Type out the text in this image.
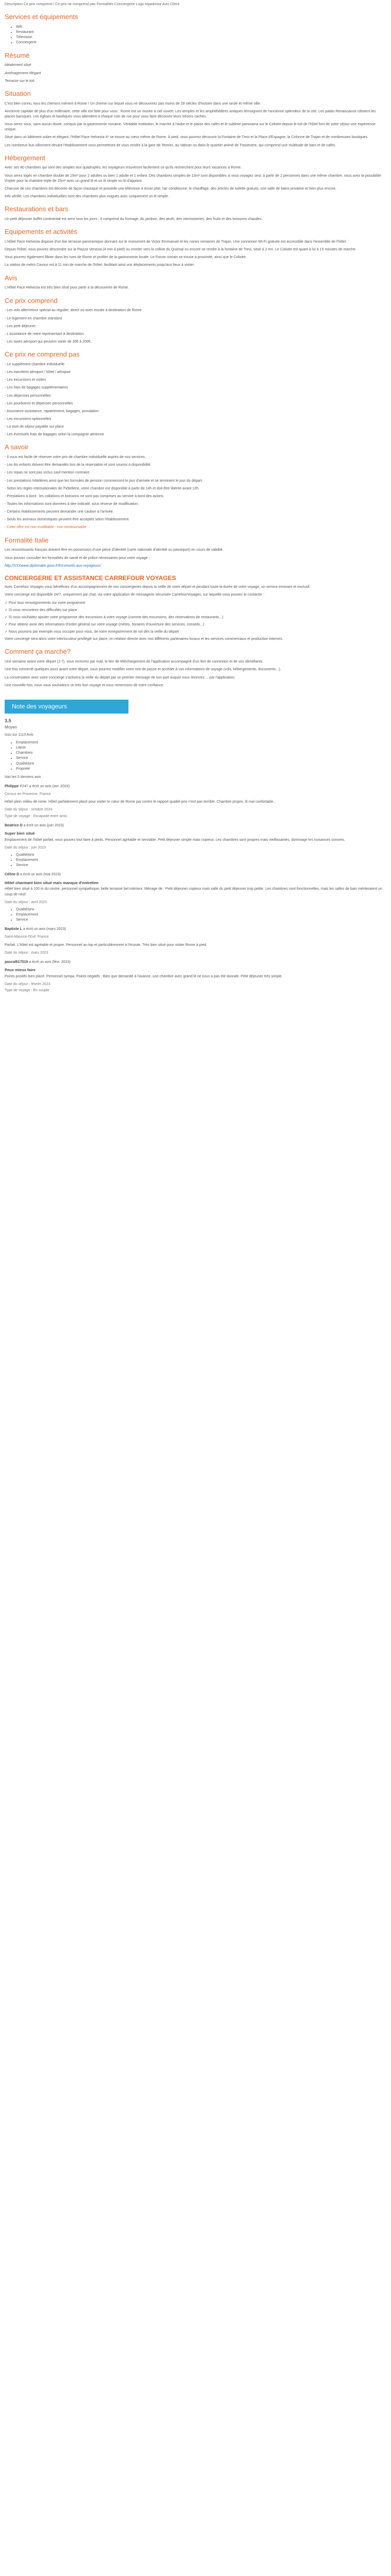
Description Ce prix comprend / Ce prix ne comprend pas Formalités Conciergerie Logo tripadvisor Avis Client

Services et équipements
• Wifi
• Restaurant
• Télévision
• Conciergerie
Résumé

Idéalement situé

Aménagement élégant

Terrasse sur le toit

Situation

C'est bien connu, tous les chemins mènent à Rome ! Un chemin sur lequel vous ne découvrirez pas moins de 28 siècles d'histoire dans une seule et même ville.

Ancienne capitale de plus d'un millénaire, cette ville est faite pour vous : Rome est un musée à ciel ouvert. Les temples et les amphithéâtres antiques témoignent de l'ancienne splendeur de la cité. Les palais Renaissance côtoient les places baroques. Les églises et basiliques vous attendent à chaque coin de rue pour vous faire découvrir leurs trésors cachés.

Vous serez sous, sans aucun doute, conquis par la gastronomie romaine. Véritable institution, le marché à l'aube et le plaisir des cafés et le sublime panorama sur le Colisée depuis le toit de l'hôtel font de votre séjour une expérience unique.

Situé dans un bâtiment sobre et élégant, l'Hôtel Pace Helvezia 4* se trouve au cœur même de Rome. À pied, vous pourrez découvrir la Fontaine de Trevi et la Place d'Espagne, la Colonne de Trajan et de nombreuses boutiques.

Les nombreux bus sillonnent devant l'établissement vous permettront de vous rendre à la gare de Termini, au Vatican ou dans le quartier animé de Trastevere, qui comprend une multitude de bars et de cafés.

Hébergement

Avec ses 80 chambres qui sont des simples aux quadruples, les voyageurs trouveront facilement ce qu'ils recherchent pour leurs vacances à Rome.

Vous serez logés en chambre double de 19m² pour 2 adultes ou bien 1 adulte et 1 enfant. Des chambres simples de 13m² sont disponibles si vous voyagez seul, à partir de 2 personnes dans une même chambre, vous avez la possibilité d'opter pour la chambre triple de 25m² avec un grand lit et un lit simple ou lit d'appoint.

Chacune de ces chambres est décorée de façon classique et possède une télévision à écran plat, l'air conditionné, le chauffage, des articles de toilette gratuits, une salle de bains privative et bien plus encore.

Info vérifié: Les chambres individuelles sont des chambres plus exiguës avec uniquement un lit simple.

Restaurations et bars

Un petit déjeuner buffet continental est servi tous les jours : il comprend du fromage, du jambon, des œufs, des viennoiseries, des fruits et des boissons chaudes.

Equipements et activités

L'Hôtel Pace Helvezia dispose d'un bar terrasse panoramique donnant sur le monument de Victor Emmanuel et les ruines romaines de Trajan. Une connexion Wi-Fi gratuite est accessible dans l'ensemble de l'hôtel.

Depuis l'hôtel, vous pouvez descendre sur la Piazza Venezia (4 min à pied) ou monter vers la colline du Quirinal ou encore se rendre à la fontaine de Trevi, situé à 2 mn. Le Colisée est quant à lui à 15 minutes de marche.

Vous pourrez également flâner dans les rues de Rome et profiter de la gastronomie locale. Le Forum romain se trouve à proximité, ainsi que le Colisée.

La station de métro Cavour est à 11 min de marche de l'hôtel, facilitant ainsi vos déplacements jusqu'aux lieux à visiter.

Avis

L'Hôtel Pace Helvezia est très bien situé pour partir à la découverte de Rome.

Ce prix comprend

- Les vols aller/retour spécial au régulier, direct ou avec escale à destination de Rome

- Le logement en chambre standard

- Les petit déjeuner

- L'assistance de notre représentant à destination

- Les taxes aéroport qui peuvent varier de 30€ à 200€.

Ce prix ne comprend pas

- Le supplément chambre individuelle

- Les transferts aéroport / hôtel / aéroport

- Les excursions et visites

- Les frais de bagages supplémentaires

- Les dépenses personnelles

- Les pourboires et dépenses personnelles

- Assurance assistance, rapatriement, bagages, annulation

- Les excursions optionnelles

- La taxe de séjour payable sur place

- Les éventuels frais de bagages selon la compagnie aérienne

A savoir

- Il vous est facile de réserver votre prix de chambre individuelle auprès de nos services.

- Les lits enfants doivent être demandés lors de la réservation et sont soumis à disponibilité.

- Les repas ne sont pas inclus sauf mention contraire.

- Les prestations hôtelières ainsi que les formules de pension commencent le jour d'arrivée et se terminent le jour du départ.

- Selon les règles internationales de l'hôtellerie, votre chambre est disponible à partir de 14h et doit être libérée avant 12h.

- Prestations à bord : les collations et boissons ne sont pas comprises au service à bord des avions.

- Toutes les informations sont données à titre indicatif, sous réserve de modification.

- Certains établissements peuvent demander une caution à l'arrivée.

- Seuls les animaux domestiques peuvent être acceptés selon l'établissement.

- Cette offre est non modifiable - non remboursable

Formalité Italie

Les ressortissants français doivent être en possession d'une pièce d'identité (carte nationale d'identité ou passeport) en cours de validité.

Vous pouvez consulter les formalités de santé et de police nécessaires pour votre voyage :

http://XXXwww.diplomatie.gouv.fr/fr/conseils-aux-voyageurs/

CONCIERGERIE ET ASSISTANCE CARREFOUR VOYAGES

Avec Carrefour Voyages vous bénéficiez d'un accompagnement de nos conciergeries depuis la veille de votre départ et pendant toute la durée de votre voyage, un service innovant et exclusif.

Votre concierge est disponible 24/7, uniquement par chat, via votre application de messagerie sécurisée CarrefourVoyages, sur laquelle vous pouvez le contacter :

✓ Pour tous renseignements sur votre programme

✓ Si vous rencontrez des difficultés sur place

✓ Si vous souhaitez ajouter votre programme des excursions à votre voyage (comme des excursions, des réservations de restaurants...)

✓ Pour obtenir avoir des informations d'ordre général sur votre voyage (météo, horaires d'ouverture des services, conseils...)

✓ Nous pouvons par exemple vous occuper pour vous, de votre enregistrement de vol dès la veille du départ

Votre concierge sera alors votre interlocuteur privilégié sur place, en relation directe avec nos différents partenaires locaux et les services commerciaux et production internes.

Comment ça marche?

Une semaine avant votre départ (J-7), vous recevrez par mail, le lien de téléchargement de l'application accompagné d'un lien de connexion et de vos identifiants.

Une fois connecté quelques jours avant votre départ, vous pourrez modifier votre mot de passe et accéder à vos informations de voyage (vols, hébergements, documents...).

La conversation avec votre concierge s'activera la veille du départ par un premier message de son part auquel vous recevrez ... par l'application.

Une nouvelle fois, nous vous souhaitons un très bon voyage et vous remercions de votre confiance.

Note des voyageurs

3.5

Moyen

Issu sur 1113 Avis

• Emplacement
• Literie
• Chambres
• Service
• Qualité/prix
• Propreté

Voir les 5 derniers avis

Philippe P247 a écrit un avis (avr. 2024)

Ceroux en Provence, France

Hôtel plein milieu de rome. Hôtel parfaitement placé pour visiter le cœur de Rome par contre le rapport qualité-prix n'est pas terrible. Chambre propre, lit mal confortable...

Date du séjour : octobre 2024

Type de voyage : Escapade entre amis

Beatrice D a écrit un avis (juin 2023)

Super bien situé

Emplacement de l'hôtel parfait, vous pouvez tout faire à pieds. Personnel agréable et serviable. Petit déjeuner simple mais copieux. Les chambres sont propres mais vieillissantes, dommage les nuisances sonores.

Date du séjour : juin 2023

• Qualité/prix
• Emplacement
• Service

Céline D a écrit un avis (mai 2023)

Hôtel charmant bien situé mais manque d'entretien

Hôtel bien situé à 100 m du centre, personnel sympathique, belle terrasse bel intérieur. Ménage de : Petit déjeuner copieux mais salle du petit déjeuner trop petite. Les chambres sont fonctionnelles, mais les salles de bain mériteraient un coup de neuf.

Date du séjour : avril 2023

• Qualité/prix
• Emplacement
• Service

Baptiste L a écrit un avis (mars 2023)

Saint-Maurice-l'Exil, France

Parfait. L'hôtel est agréable et propre. Personnel au top et particulièrement à l'écoute. Très bien situé pour visiter Rome à pied.

Date du séjour : mars 2023

pascal617019 a écrit un avis (févr. 2023)

Peux mieux faire

Points positifs bien placé. Personnel sympa. Points négatifs : Bien que demandé à l'avance, une chambre avec grand lit ne nous a pas été donnée. Petit déjeuner très simple.

Date du séjour : février 2023

Type de voyage : En couple
